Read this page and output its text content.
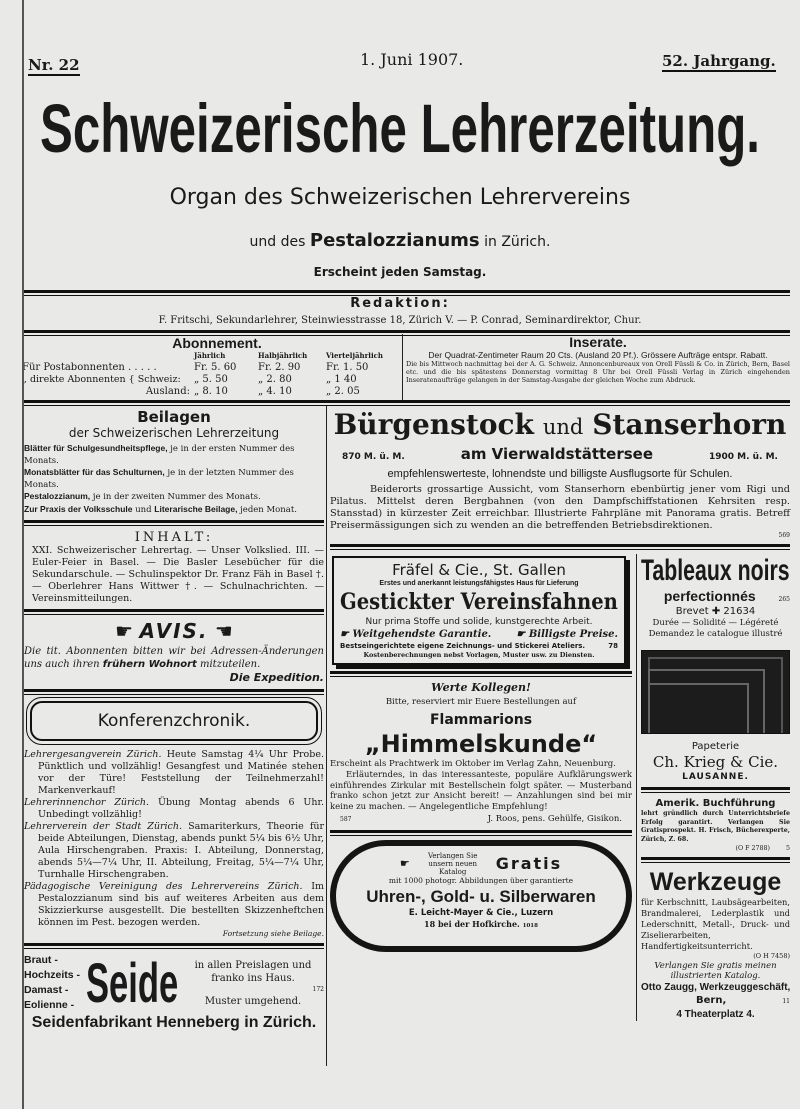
Nr. 22	1. Juni 1907.	52. Jahrgang.
Schweizerische Lehrerzeitung.
Organ des Schweizerischen Lehrervereins
und des Pestalozzianums in Zürich.
Erscheint jeden Samstag.
Redaktion:
F. Fritschi, Sekundarlehrer, Steinwiesstrasse 18, Zürich V. — P. Conrad, Seminardirektor, Chur.
Abonnement.
Jährlich	Halbjährlich	Vierteljährlich
Für Postabonnenten . . . . .	Fr. 5. 60	Fr. 2. 90	Fr. 1. 50
„ direkte Abonnenten { Schweiz:	„ 5. 50	„ 2. 80	„ 1 40
Ausland: „ 8. 10	„ 4. 10	„ 2. 05
Inserate.
Der Quadrat-Zentimeter Raum 20 Cts. (Ausland 20 Pf.). Grössere Aufträge entspr. Rabatt.
Die bis Mittwoch nachmittag bei der A. G. Schweiz. Annoncenbureaux von Orell Füssli & Co. in Zürich, Bern, Basel etc. und die bis spätestens Donnerstag vormittag 8 Uhr bei Orell Füssli Verlag in Zürich eingehenden Inseratenaufträge gelangen in der Samstag-Ausgabe der gleichen Woche zum Abdruck.
Beilagen
der Schweizerischen Lehrerzeitung
Blätter für Schulgesundheitspflege, je in der ersten Nummer des Monats.
Monatsblätter für das Schulturnen, je in der letzten Nummer des Monats.
Pestalozzianum, je in der zweiten Nummer des Monats.
Zur Praxis der Volksschule und Literarische Beilage, jeden Monat.
INHALT:
XXI. Schweizerischer Lehrertag. — Unser Volkslied. III. — Euler-Feier in Basel. — Die Basler Lesebücher für die Sekundarschule. — Schulinspektor Dr. Franz Fäh in Basel †. — Oberlehrer Hans Wittwer †. — Schulnachrichten. — Vereinsmitteilungen.
☛ AVIS. ☚
Die tit. Abonnenten bitten wir bei Adressen-Änderungen uns auch ihren frühern Wohnort mitzuteilen.
Die Expedition.
Konferenzchronik.

Lehrergesangverein Zürich. Heute Samstag 4¼ Uhr Probe. Pünktlich und vollzählig! Gesangfest und Matinée stehen vor der Türe! Feststellung der Teilnehmerzahl! Markenverkauf!

Lehrerinnenchor Zürich. Übung Montag abends 6 Uhr. Unbedingt vollzählig!

Lehrerverein der Stadt Zürich. Samariterkurs, Theorie für beide Abteilungen, Dienstag, abends punkt 5¼ bis 6½ Uhr, Aula Hirschengraben. Praxis: I. Abteilung, Donnerstag, abends 5¼—7¼ Uhr, II. Abteilung, Freitag, 5¼—7¼ Uhr, Turnhalle Hirschengraben.

Pädagogische Vereinigung des Lehrervereins Zürich. Im Pestalozzianum sind bis auf weiteres Arbeiten aus dem Skizzierkurse ausgestellt. Die bestellten Skizzenheftchen können im Pest. bezogen werden.

Fortsetzung siehe Beilage.

Braut -
Hochzeits -
Damast -
Eolienne - Seide	in allen Preislagen und franko ins Haus.
172
Muster umgehend.
Seidenfabrikant Henneberg in Zürich.
Bürgenstock und Stanserhorn
870 M. ü. M.	am Vierwaldstättersee	1900 M. ü. M.
empfehlenswerteste, lohnendste und billigste Ausflugsorte für Schulen.
Beiderorts grossartige Aussicht, vom Stanserhorn ebenbürtig jener vom Rigi und Pilatus. Mittelst deren Bergbahnen (von den Dampfschiffstationen Kehrsiten resp. Stansstad) in kürzester Zeit erreichbar. Illustrierte Fahrpläne mit Panorama gratis. Betreff Preisermässigungen sich zu wenden an die betreffenden Betriebsdirektionen.
569
Fräfel & Cie., St. Gallen
Erstes und anerkannt leistungsfähigstes Haus für Lieferung
Gestickter Vereinsfahnen
Nur prima Stoffe und solide, kunstgerechte Arbeit.
☛ Weitgehendste Garantie.	☛ Billigste Preise.
Bestseingerichtete eigene Zeichnungs- und Stickerei Ateliers.	78
Kostenberechnungen nebst Vorlagen, Muster usw. zu Diensten.
Werte Kollegen!
Bitte, reserviert mir Euere Bestellungen auf
Flammarions
„Himmelskunde“
Erscheint als Prachtwerk im Oktober im Verlag Zahn, Neuenburg.
Erläuterndes, in das interessanteste, populäre Aufklärungswerk einführendes Zirkular mit Bestellschein folgt später. — Musterband franko schon jetzt zur Ansicht bereit! — Anzahlungen sind bei mir keine zu machen. — Angelegentliche Empfehlung!
587	J. Roos, pens. Gehülfe, Gisikon.
☛
Verlangen Sie unsern neuen Katalog	Gratis
mit 1000 photogr. Abbildungen über garantierte
Uhren-, Gold- u. Silberwaren
E. Leicht-Mayer & Cie., Luzern
18 bei der Hofkirche. 1018
Tableaux noirs
perfectionnés	265
Brevet ✚ 21634
Durée — Solidité — Légéreté
Demandez le catalogue illustré
Papeterie
Ch. Krieg & Cie.
LAUSANNE.
Amerik. Buchführung
lehrt gründlich durch Unterrichtsbriefe Erfolg garantirt. Verlangen Sie Gratisprospekt. H. Frisch, Bücherexperte, Zürich, Z. 68.
(O F 2788)	5
Werkzeuge
für Kerbschnitt, Laubsägearbeiten, Brandmalerei, Lederplastik und Lederschnitt, Metall-, Druck- und Ziselierarbeiten, Handfertigkeitsunterricht.
(O H 7458)
Verlangen Sie gratis meinen illustrierten Katalog.
Otto Zaugg, Werkzeuggeschäft,
Bern,	11
4 Theaterplatz 4.
